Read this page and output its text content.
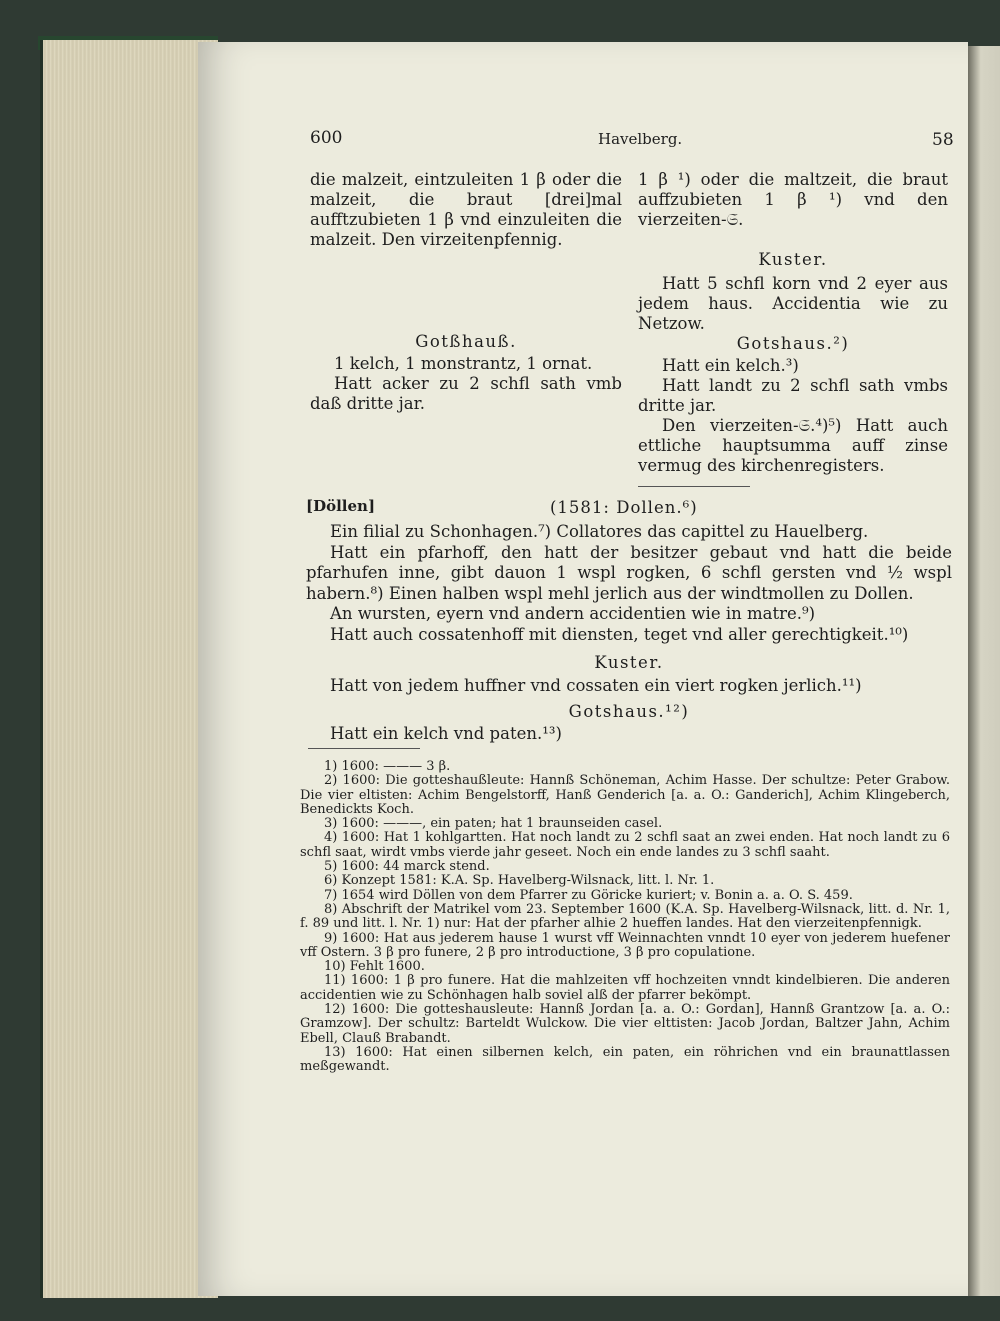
600	Havelberg.	58

die malzeit, eintzuleiten 1 β oder die malzeit, die braut [drei]mal aufftzubieten 1 β vnd einzuleiten die malzeit. Den virzeitenpfennig.

Gotßhauß.

1 kelch, 1 monstrantz, 1 ornat.

Hatt acker zu 2 schfl sath vmb daß dritte jar.

1 β ¹) oder die maltzeit, die braut auffzubieten 1 β ¹) vnd den vierzeiten-𝔖.

Kuster.

Hatt 5 schfl korn vnd 2 eyer aus jedem haus. Accidentia wie zu Netzow.

Gotshaus.²)

Hatt ein kelch.³)

Hatt landt zu 2 schfl sath vmbs dritte jar.

Den vierzeiten-𝔖.⁴)⁵) Hatt auch ettliche hauptsumma auff zinse vermug des kirchenregisters.

[Döllen]	(1581: Dollen.⁶)

Ein filial zu Schonhagen.⁷) Collatores das capittel zu Hauelberg.

Hatt ein pfarhoff, den hatt der besitzer gebaut vnd hatt die beide pfarhufen inne, gibt dauon 1 wspl rogken, 6 schfl gersten vnd ½ wspl habern.⁸) Einen halben wspl mehl jerlich aus der windtmollen zu Dollen.

An wursten, eyern vnd andern accidentien wie in matre.⁹)

Hatt auch cossatenhoff mit diensten, teget vnd aller gerechtigkeit.¹⁰)

Kuster.

Hatt von jedem huffner vnd cossaten ein viert rogken jerlich.¹¹)

Gotshaus.¹²)

Hatt ein kelch vnd paten.¹³)

1) 1600: ——— 3 β.

2) 1600: Die gotteshaußleute: Hannß Schöneman, Achim Hasse. Der schultze: Peter Grabow. Die vier eltisten: Achim Bengelstorff, Hanß Genderich [a. a. O.: Ganderich], Achim Klingeberch, Benedickts Koch.

3) 1600: ———, ein paten; hat 1 braunseiden casel.

4) 1600: Hat 1 kohlgartten. Hat noch landt zu 2 schfl saat an zwei enden. Hat noch landt zu 6 schfl saat, wirdt vmbs vierde jahr geseet. Noch ein ende landes zu 3 schfl saaht.

5) 1600: 44 marck stend.

6) Konzept 1581: K.A. Sp. Havelberg-Wilsnack, litt. l. Nr. 1.

7) 1654 wird Döllen von dem Pfarrer zu Göricke kuriert; v. Bonin a. a. O. S. 459.

8) Abschrift der Matrikel vom 23. September 1600 (K.A. Sp. Havelberg-Wilsnack, litt. d. Nr. 1, f. 89 und litt. l. Nr. 1) nur: Hat der pfarher alhie 2 hueffen landes. Hat den vierzeitenpfennigk.

9) 1600: Hat aus jederem hause 1 wurst vff Weinnachten vnndt 10 eyer von jederem huefener vff Ostern. 3 β pro funere, 2 β pro introductione, 3 β pro copulatione.

10) Fehlt 1600.

11) 1600: 1 β pro funere. Hat die mahlzeiten vff hochzeiten vnndt kindelbieren. Die anderen accidentien wie zu Schönhagen halb soviel alß der pfarrer bekömpt.

12) 1600: Die gotteshausleute: Hannß Jordan [a. a. O.: Gordan], Hannß Grantzow [a. a. O.: Gramzow]. Der schultz: Barteldt Wulckow. Die vier elttisten: Jacob Jordan, Baltzer Jahn, Achim Ebell, Clauß Brabandt.

13) 1600: Hat einen silbernen kelch, ein paten, ein röhrichen vnd ein braunattlassen meßgewandt.
